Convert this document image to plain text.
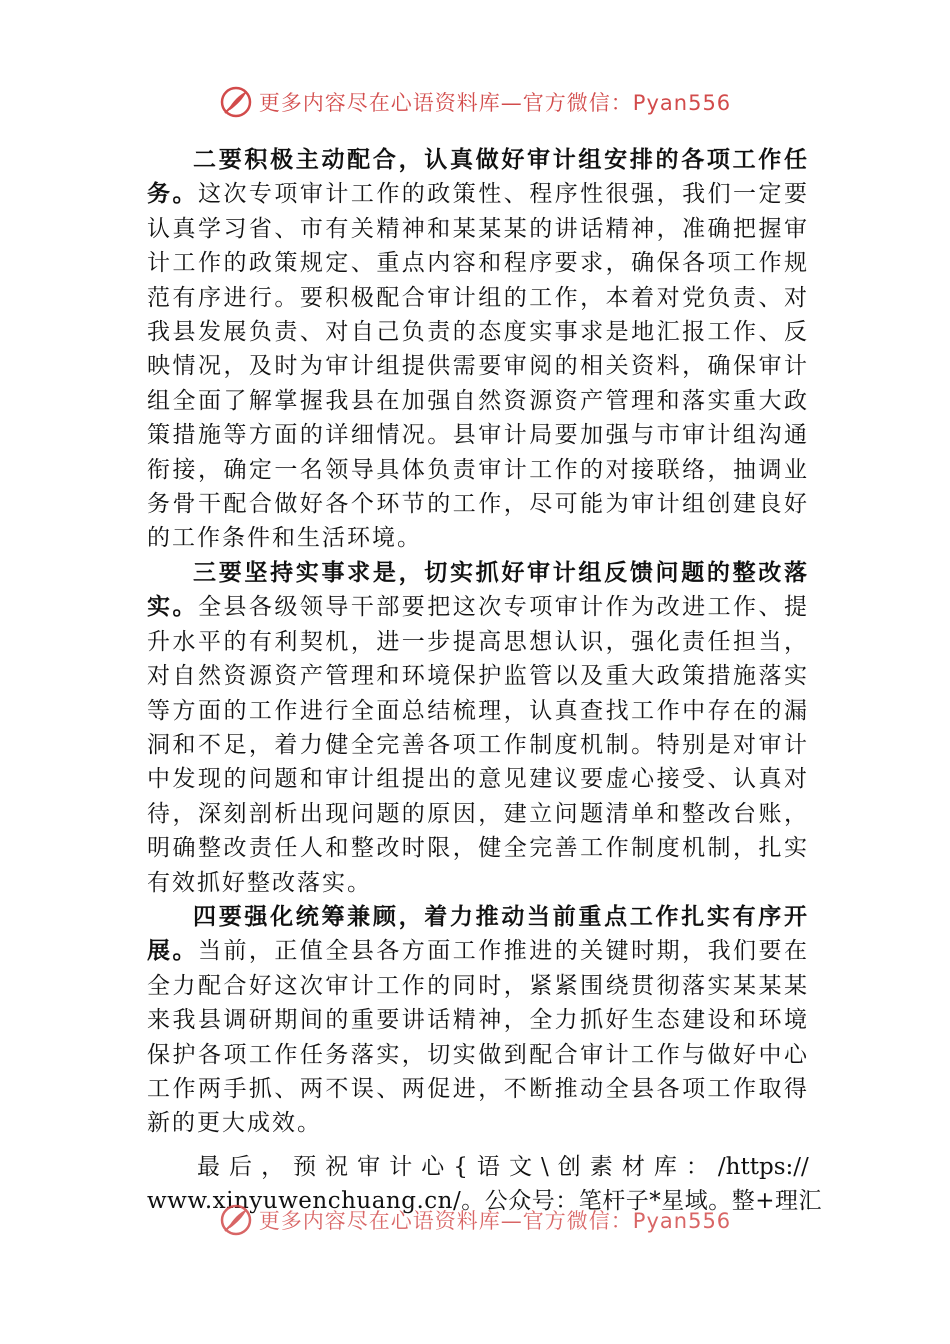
更多内容尽在心语资料库—官方微信：Pyan556

二要积极主动配合，认真做好审计组安排的各项工作任务。这次专项审计工作的政策性、程序性很强，我们一定要认真学习省、市有关精神和某某某的讲话精神，准确把握审计工作的政策规定、重点内容和程序要求，确保各项工作规范有序进行。要积极配合审计组的工作，本着对党负责、对我县发展负责、对自己负责的态度实事求是地汇报工作、反映情况，及时为审计组提供需要审阅的相关资料，确保审计组全面了解掌握我县在加强自然资源资产管理和落实重大政策措施等方面的详细情况。县审计局要加强与市审计组沟通衔接，确定一名领导具体负责审计工作的对接联络，抽调业务骨干配合做好各个环节的工作，尽可能为审计组创建良好的工作条件和生活环境。

三要坚持实事求是，切实抓好审计组反馈问题的整改落实。全县各级领导干部要把这次专项审计作为改进工作、提升水平的有利契机，进一步提高思想认识，强化责任担当，对自然资源资产管理和环境保护监管以及重大政策措施落实等方面的工作进行全面总结梳理，认真查找工作中存在的漏洞和不足，着力健全完善各项工作制度机制。特别是对审计中发现的问题和审计组提出的意见建议要虚心接受、认真对待，深刻剖析出现问题的原因，建立问题清单和整改台账，明确整改责任人和整改时限，健全完善工作制度机制，扎实有效抓好整改落实。

四要强化统筹兼顾，着力推动当前重点工作扎实有序开展。当前，正值全县各方面工作推进的关键时期，我们要在全力配合好这次审计工作的同时，紧紧围绕贯彻落实某某某来我县调研期间的重要讲话精神，全力抓好生态建设和环境保护各项工作任务落实，切实做到配合审计工作与做好中心工作两手抓、两不误、两促进，不断推动全县各项工作取得新的更大成效。

最 后 ， 预 祝 审 计 心 { 语 文 \ 创 素 材 库 ： /https://
www.xinyuwenchuang.cn/。公众号：笔杆子*星域。整+理汇
更多内容尽在心语资料库—官方微信：Pyan556
